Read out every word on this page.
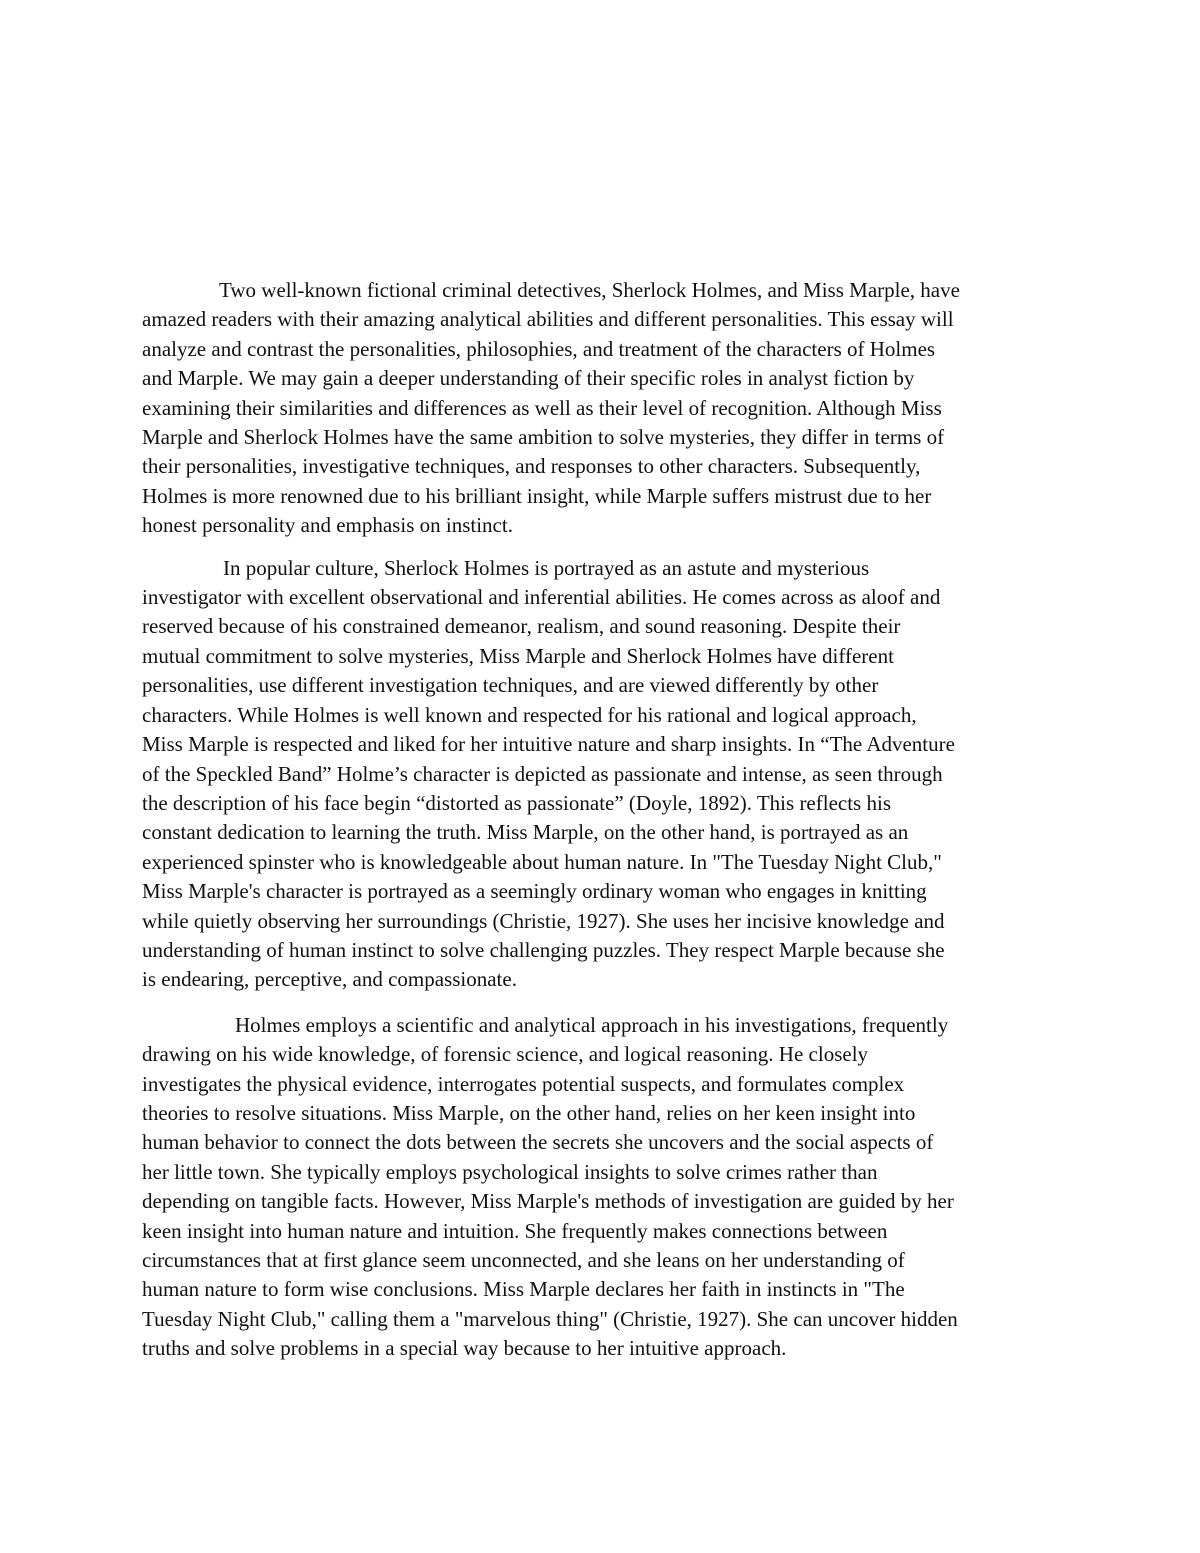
Two well-known fictional criminal detectives, Sherlock Holmes, and Miss Marple, have
amazed readers with their amazing analytical abilities and different personalities. This essay will
analyze and contrast the personalities, philosophies, and treatment of the characters of Holmes
and Marple. We may gain a deeper understanding of their specific roles in analyst fiction by
examining their similarities and differences as well as their level of recognition. Although Miss
Marple and Sherlock Holmes have the same ambition to solve mysteries, they differ in terms of
their personalities, investigative techniques, and responses to other characters. Subsequently,
Holmes is more renowned due to his brilliant insight, while Marple suffers mistrust due to her
honest personality and emphasis on instinct.

In popular culture, Sherlock Holmes is portrayed as an astute and mysterious
investigator with excellent observational and inferential abilities. He comes across as aloof and
reserved because of his constrained demeanor, realism, and sound reasoning. Despite their
mutual commitment to solve mysteries, Miss Marple and Sherlock Holmes have different
personalities, use different investigation techniques, and are viewed differently by other
characters. While Holmes is well known and respected for his rational and logical approach,
Miss Marple is respected and liked for her intuitive nature and sharp insights. In “The Adventure
of the Speckled Band” Holme’s character is depicted as passionate and intense, as seen through
the description of his face begin “distorted as passionate” (Doyle, 1892). This reflects his
constant dedication to learning the truth. Miss Marple, on the other hand, is portrayed as an
experienced spinster who is knowledgeable about human nature. In "The Tuesday Night Club,"
Miss Marple's character is portrayed as a seemingly ordinary woman who engages in knitting
while quietly observing her surroundings (Christie, 1927). She uses her incisive knowledge and
understanding of human instinct to solve challenging puzzles. They respect Marple because she
is endearing, perceptive, and compassionate.

Holmes employs a scientific and analytical approach in his investigations, frequently
drawing on his wide knowledge, of forensic science, and logical reasoning. He closely
investigates the physical evidence, interrogates potential suspects, and formulates complex
theories to resolve situations. Miss Marple, on the other hand, relies on her keen insight into
human behavior to connect the dots between the secrets she uncovers and the social aspects of
her little town. She typically employs psychological insights to solve crimes rather than
depending on tangible facts. However, Miss Marple's methods of investigation are guided by her
keen insight into human nature and intuition. She frequently makes connections between
circumstances that at first glance seem unconnected, and she leans on her understanding of
human nature to form wise conclusions. Miss Marple declares her faith in instincts in "The
Tuesday Night Club," calling them a "marvelous thing" (Christie, 1927). She can uncover hidden
truths and solve problems in a special way because to her intuitive approach.
